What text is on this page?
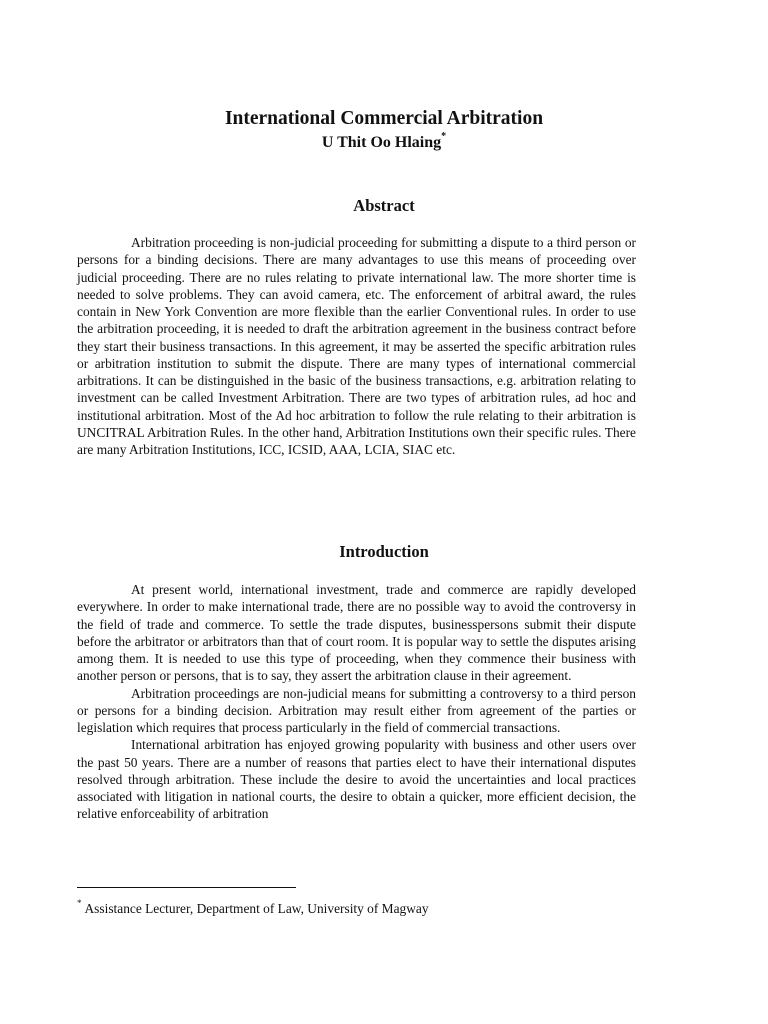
International Commercial Arbitration
U Thit Oo Hlaing*
Abstract

Arbitration proceeding is non-judicial proceeding for submitting a dispute to a third person or persons for a binding decisions. There are many advantages to use this means of proceeding over judicial proceeding. There are no rules relating to private international law. The more shorter time is needed to solve problems. They can avoid camera, etc. The enforcement of arbitral award, the rules contain in New York Convention are more flexible than the earlier Conventional rules. In order to use the arbitration proceeding, it is needed to draft the arbitration agreement in the business contract before they start their business transactions. In this agreement, it may be asserted the specific arbitration rules or arbitration institution to submit the dispute. There are many types of international commercial arbitrations. It can be distinguished in the basic of the business transactions, e.g. arbitration relating to investment can be called Investment Arbitration. There are two types of arbitration rules, ad hoc and institutional arbitration. Most of the Ad hoc arbitration to follow the rule relating to their arbitration is UNCITRAL Arbitration Rules. In the other hand, Arbitration Institutions own their specific rules. There are many Arbitration Institutions, ICC, ICSID, AAA, LCIA, SIAC etc.

Introduction

At present world, international investment, trade and commerce are rapidly developed everywhere. In order to make international trade, there are no possible way to avoid the controversy in the field of trade and commerce. To settle the trade disputes, businesspersons submit their dispute before the arbitrator or arbitrators than that of court room. It is popular way to settle the disputes arising among them. It is needed to use this type of proceeding, when they commence their business with another person or persons, that is to say, they assert the arbitration clause in their agreement.

Arbitration proceedings are non-judicial means for submitting a controversy to a third person or persons for a binding decision. Arbitration may result either from agreement of the parties or legislation which requires that process particularly in the field of commercial transactions.

International arbitration has enjoyed growing popularity with business and other users over the past 50 years. There are a number of reasons that parties elect to have their international disputes resolved through arbitration. These include the desire to avoid the uncertainties and local practices associated with litigation in national courts, the desire to obtain a quicker, more efficient decision, the relative enforceability of arbitration

* Assistance Lecturer, Department of Law, University of Magway
